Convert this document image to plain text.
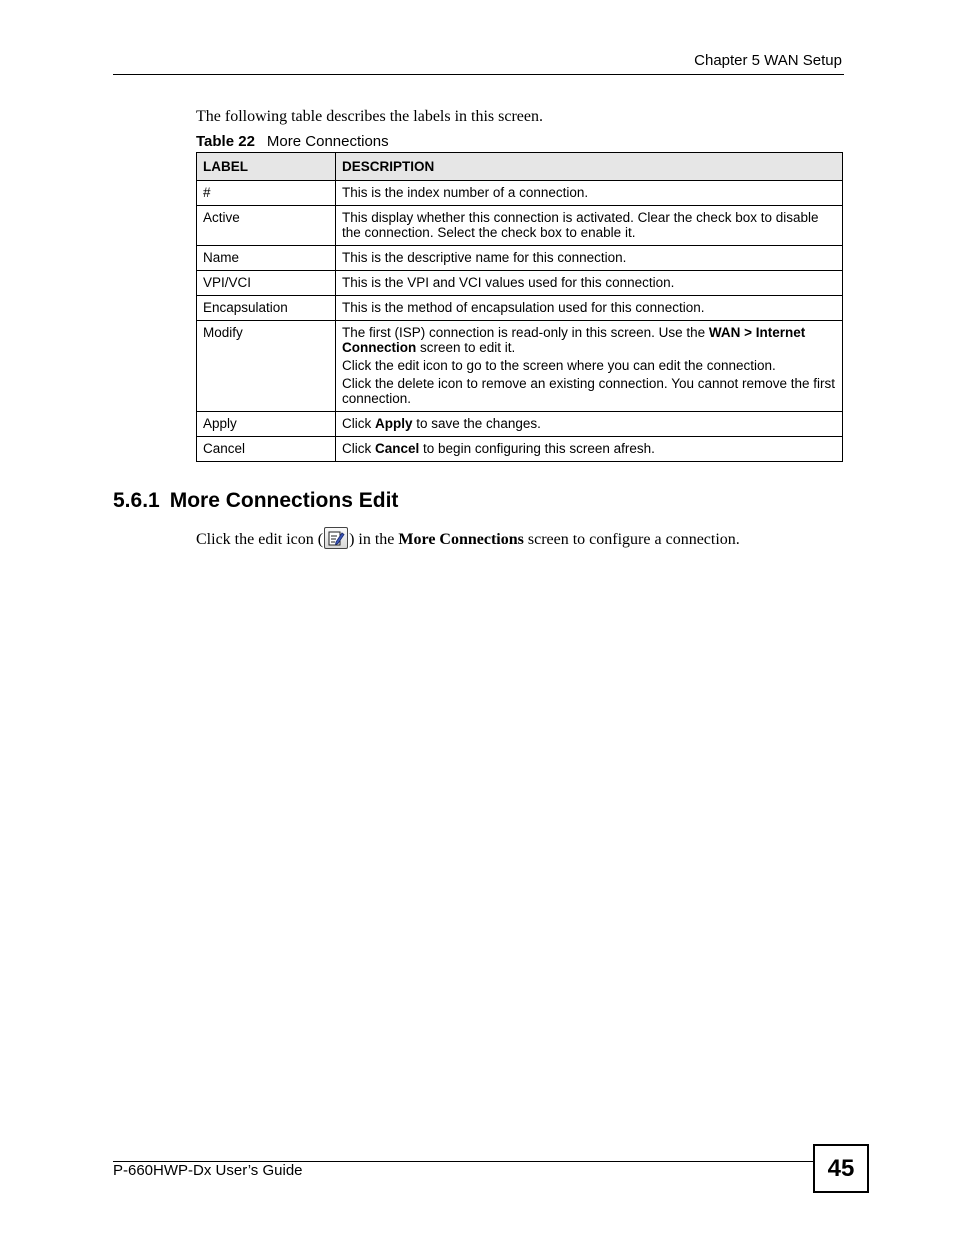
Chapter 5 WAN Setup
The following table describes the labels in this screen.
Table 22 More Connections
LABEL	DESCRIPTION
#	This is the index number of a connection.

Active	This display whether this connection is activated. Clear the check box to disable the connection. Select the check box to enable it.

Name	This is the descriptive name for this connection.

VPI/VCI	This is the VPI and VCI values used for this connection.

Encapsulation	This is the method of encapsulation used for this connection.

Modify	The first (ISP) connection is read-only in this screen. Use the WAN > Internet Connection screen to edit it.
Click the edit icon to go to the screen where you can edit the connection.
Click the delete icon to remove an existing connection. You cannot remove the first connection.

Apply	Click Apply to save the changes.

Cancel	Click Cancel to begin configuring this screen afresh.
5.6.1 More Connections Edit
Click the edit icon ( ) in the More Connections screen to configure a connection.
P-660HWP-Dx User’s Guide	45
